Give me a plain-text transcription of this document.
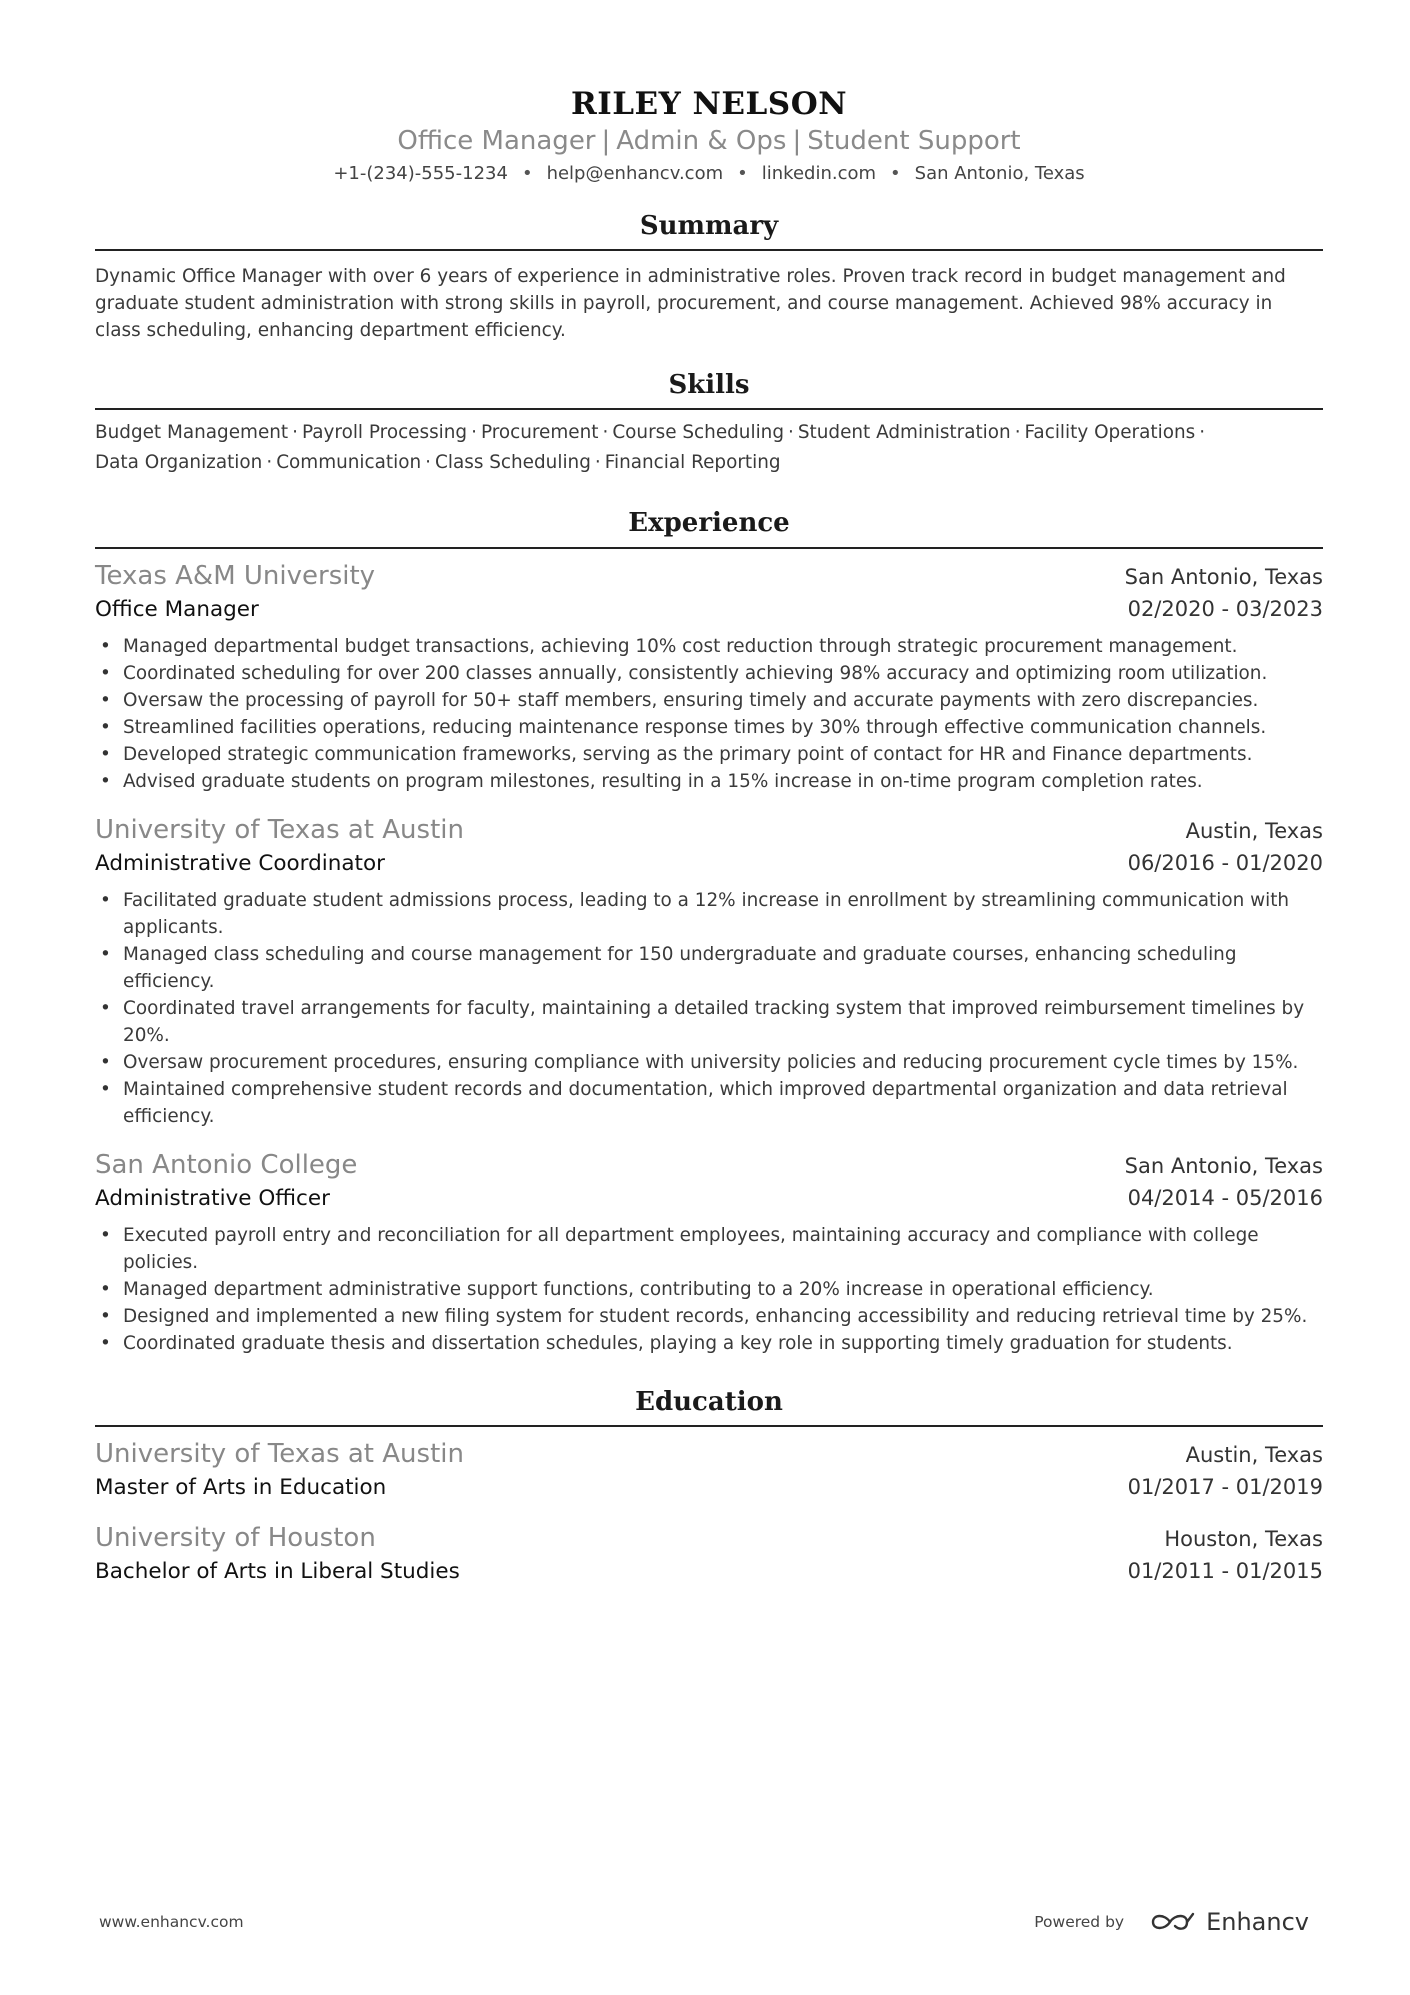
RILEY NELSON
Office Manager | Admin & Ops | Student Support
+1-(234)-555-1234 • help@enhancv.com • linkedin.com • San Antonio, Texas
Summary
Dynamic Office Manager with over 6 years of experience in administrative roles. Proven track record in budget management and graduate student administration with strong skills in payroll, procurement, and course management. Achieved 98% accuracy in class scheduling, enhancing department efficiency.
Skills
Budget Management · Payroll Processing · Procurement · Course Scheduling · Student Administration · Facility Operations ·
Data Organization · Communication · Class Scheduling · Financial Reporting
Experience
Texas A&M University	San Antonio, Texas
Office Manager	02/2020 - 03/2023
• Managed departmental budget transactions, achieving 10% cost reduction through strategic procurement management.
• Coordinated scheduling for over 200 classes annually, consistently achieving 98% accuracy and optimizing room utilization.
• Oversaw the processing of payroll for 50+ staff members, ensuring timely and accurate payments with zero discrepancies.
• Streamlined facilities operations, reducing maintenance response times by 30% through effective communication channels.
• Developed strategic communication frameworks, serving as the primary point of contact for HR and Finance departments.
• Advised graduate students on program milestones, resulting in a 15% increase in on-time program completion rates.
University of Texas at Austin	Austin, Texas
Administrative Coordinator	06/2016 - 01/2020
• Facilitated graduate student admissions process, leading to a 12% increase in enrollment by streamlining communication with applicants.
• Managed class scheduling and course management for 150 undergraduate and graduate courses, enhancing scheduling efficiency.
• Coordinated travel arrangements for faculty, maintaining a detailed tracking system that improved reimbursement timelines by 20%.
• Oversaw procurement procedures, ensuring compliance with university policies and reducing procurement cycle times by 15%.
• Maintained comprehensive student records and documentation, which improved departmental organization and data retrieval efficiency.
San Antonio College	San Antonio, Texas
Administrative Officer	04/2014 - 05/2016
• Executed payroll entry and reconciliation for all department employees, maintaining accuracy and compliance with college policies.
• Managed department administrative support functions, contributing to a 20% increase in operational efficiency.
• Designed and implemented a new filing system for student records, enhancing accessibility and reducing retrieval time by 25%.
• Coordinated graduate thesis and dissertation schedules, playing a key role in supporting timely graduation for students.
Education
University of Texas at Austin	Austin, Texas
Master of Arts in Education	01/2017 - 01/2019
University of Houston	Houston, Texas
Bachelor of Arts in Liberal Studies	01/2011 - 01/2015
www.enhancv.com	Powered by	Enhancv
